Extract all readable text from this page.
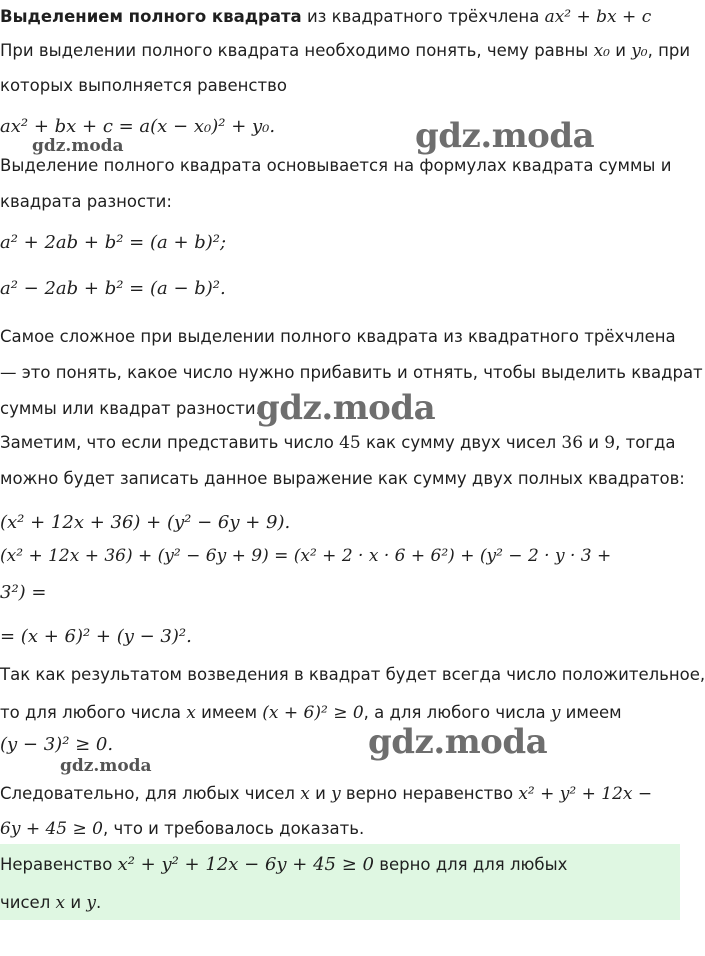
Выделением полного квадрата из квадратного трёхчлена ax² + bx + c
При выделении полного квадрата необходимо понять, чему равны x₀ и y₀, при
которых выполняется равенство
ax² + bx + c = a(x − x₀)² + y₀.
Выделение полного квадрата основывается на формулах квадрата суммы и
квадрата разности:
a² + 2ab + b² = (a + b)²;
a² − 2ab + b² = (a − b)².
Самое сложное при выделении полного квадрата из квадратного трёхчлена
— это понять, какое число нужно прибавить и отнять, чтобы выделить квадрат
суммы или квадрат разности.
Заметим, что если представить число 45 как сумму двух чисел 36 и 9, тогда
можно будет записать данное выражение как сумму двух полных квадратов:
(x² + 12x + 36) + (y² − 6y + 9).
(x² + 12x + 36) + (y² − 6y + 9) = (x² + 2 · x · 6 + 6²) + (y² − 2 · y · 3 +
3²) =
= (x + 6)² + (y − 3)².
Так как результатом возведения в квадрат будет всегда число положительное,
то для любого числа x имеем (x + 6)² ≥ 0, а для любого числа y имеем
(y − 3)² ≥ 0.
Следовательно, для любых чисел x и y верно неравенство x² + y² + 12x −
6y + 45 ≥ 0, что и требовалось доказать.
Неравенство x² + y² + 12x − 6y + 45 ≥ 0 верно для для любых
чисел x и y.
gdz.moda
gdz.moda
gdz.moda
gdz.moda
gdz.moda
